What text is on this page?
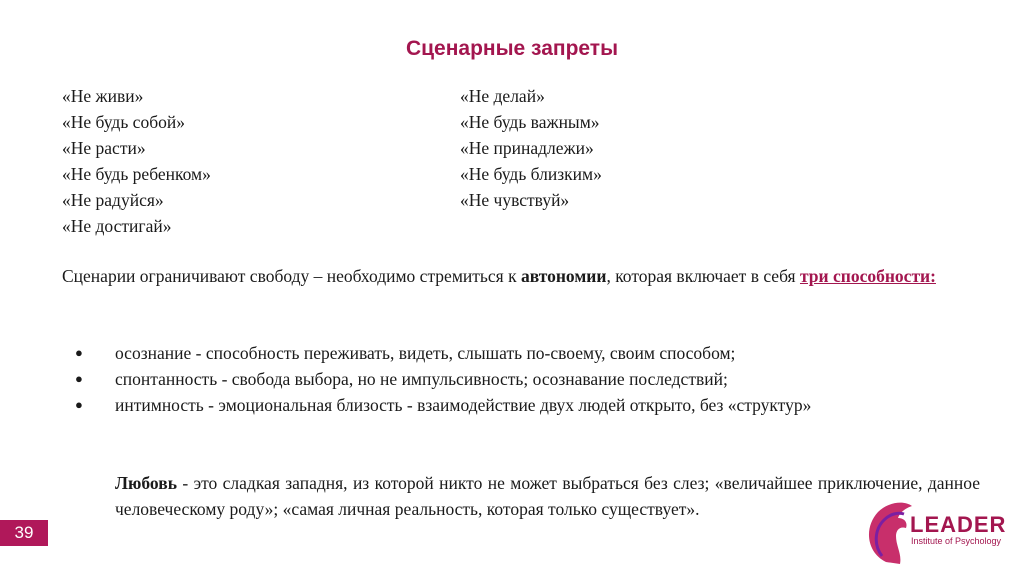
Сценарные запреты
«Не живи»
«Не будь собой»
«Не расти»
«Не будь ребенком»
«Не радуйся»
«Не достигай»
«Не делай»
«Не будь важным»
«Не принадлежи»
«Не будь близким»
«Не чувствуй»
Сценарии ограничивают свободу – необходимо стремиться к автономии, которая включает в себя три способности:
●	осознание - способность переживать, видеть, слышать по-своему, своим способом;
●	спонтанность - свобода выбора, но не импульсивность; осознавание последствий;
●	интимность - эмоциональная близость - взаимодействие двух людей открыто, без «структур»
Любовь - это сладкая западня, из которой никто не может выбраться без слез; «величайшее приключение, данное человеческому роду»; «самая личная реальность, которая только существует».
39	LEADER
Institute of Psychology
